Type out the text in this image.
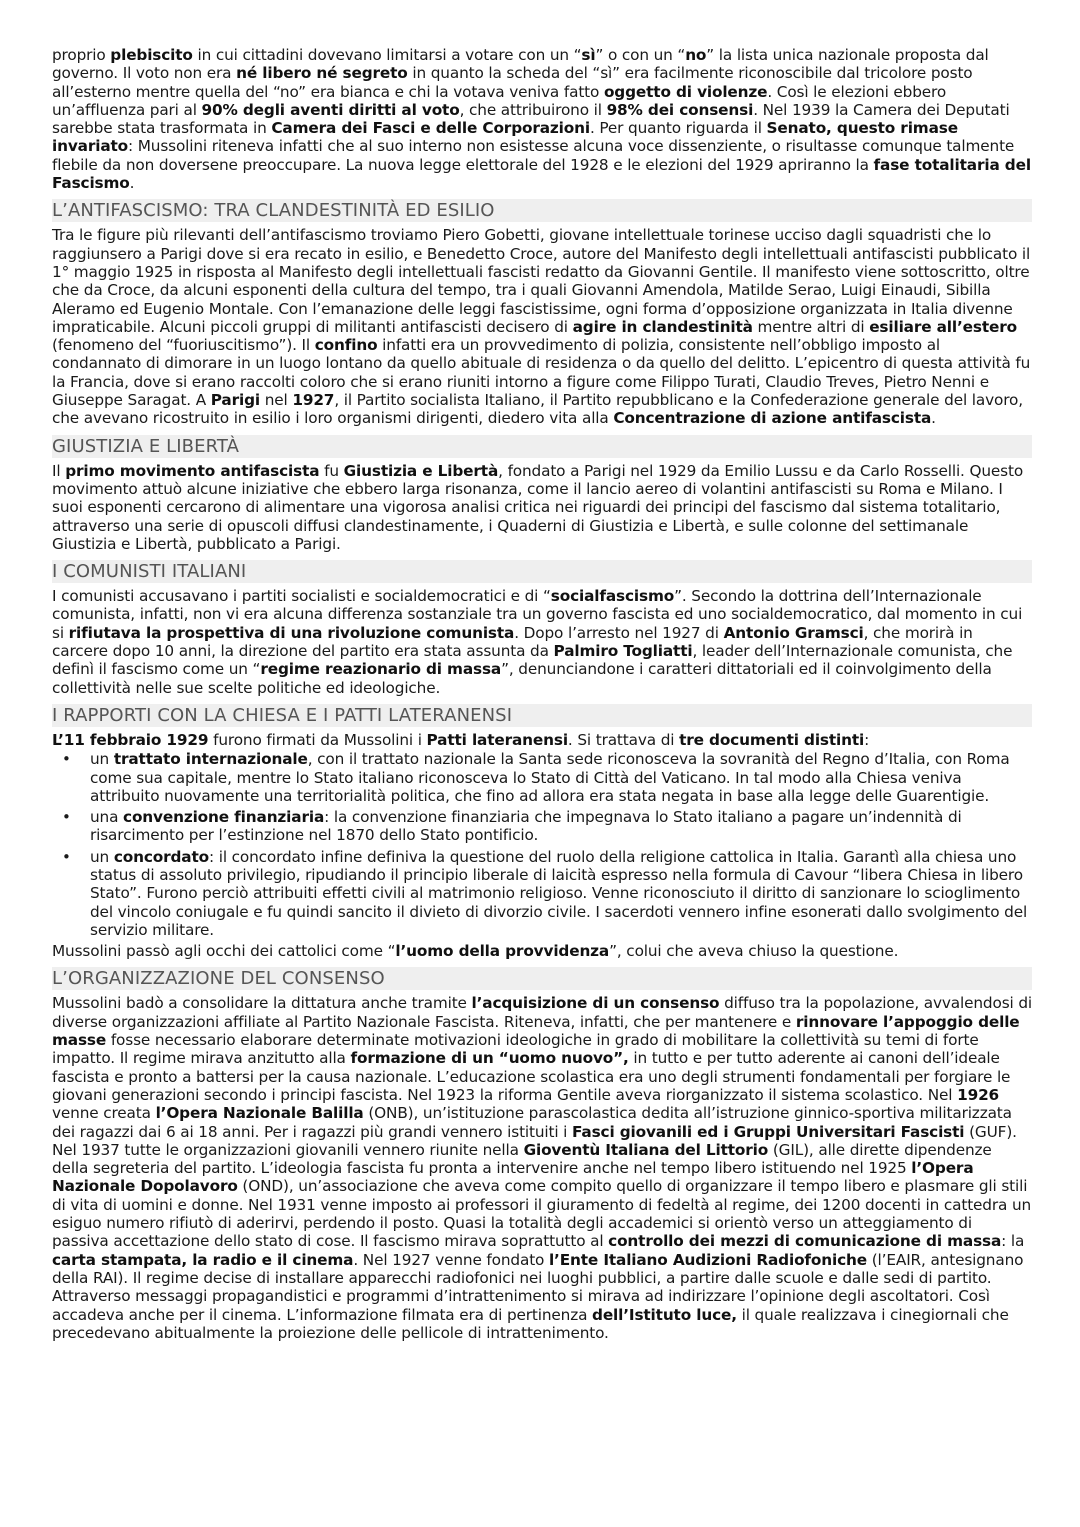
proprio plebiscito in cui cittadini dovevano limitarsi a votare con un “sì” o con un “no” la lista unica nazionale proposta dal governo. Il voto non era né libero né segreto in quanto la scheda del “sì” era facilmente riconoscibile dal tricolore posto all’esterno mentre quella del “no” era bianca e chi la votava veniva fatto oggetto di violenze. Così le elezioni ebbero un’affluenza pari al 90% degli aventi diritti al voto, che attribuirono il 98% dei consensi. Nel 1939 la Camera dei Deputati sarebbe stata trasformata in Camera dei Fasci e delle Corporazioni. Per quanto riguarda il Senato, questo rimase invariato: Mussolini riteneva infatti che al suo interno non esistesse alcuna voce dissenziente, o risultasse comunque talmente flebile da non doversene preoccupare. La nuova legge elettorale del 1928 e le elezioni del 1929 apriranno la fase totalitaria del Fascismo.

L’ANTIFASCISMO: TRA CLANDESTINITÀ ED ESILIO

Tra le figure più rilevanti dell’antifascismo troviamo Piero Gobetti, giovane intellettuale torinese ucciso dagli squadristi che lo raggiunsero a Parigi dove si era recato in esilio, e Benedetto Croce, autore del Manifesto degli intellettuali antifascisti pubblicato il 1° maggio 1925 in risposta al Manifesto degli intellettuali fascisti redatto da Giovanni Gentile. Il manifesto viene sottoscritto, oltre che da Croce, da alcuni esponenti della cultura del tempo, tra i quali Giovanni Amendola, Matilde Serao, Luigi Einaudi, Sibilla Aleramo ed Eugenio Montale. Con l’emanazione delle leggi fascistissime, ogni forma d’opposizione organizzata in Italia divenne impraticabile. Alcuni piccoli gruppi di militanti antifascisti decisero di agire in clandestinità mentre altri di esiliare all’estero (fenomeno del “fuoriuscitismo”). Il confino infatti era un provvedimento di polizia, consistente nell’obbligo imposto al condannato di dimorare in un luogo lontano da quello abituale di residenza o da quello del delitto. L’epicentro di questa attività fu la Francia, dove si erano raccolti coloro che si erano riuniti intorno a figure come Filippo Turati, Claudio Treves, Pietro Nenni e Giuseppe Saragat. A Parigi nel 1927, il Partito socialista Italiano, il Partito repubblicano e la Confederazione generale del lavoro, che avevano ricostruito in esilio i loro organismi dirigenti, diedero vita alla Concentrazione di azione antifascista.

GIUSTIZIA E LIBERTÀ

Il primo movimento antifascista fu Giustizia e Libertà, fondato a Parigi nel 1929 da Emilio Lussu e da Carlo Rosselli. Questo movimento attuò alcune iniziative che ebbero larga risonanza, come il lancio aereo di volantini antifascisti su Roma e Milano. I suoi esponenti cercarono di alimentare una vigorosa analisi critica nei riguardi dei principi del fascismo dal sistema totalitario, attraverso una serie di opuscoli diffusi clandestinamente, i Quaderni di Giustizia e Libertà, e sulle colonne del settimanale Giustizia e Libertà, pubblicato a Parigi.

I COMUNISTI ITALIANI

I comunisti accusavano i partiti socialisti e socialdemocratici e di “socialfascismo”. Secondo la dottrina dell’Internazionale comunista, infatti, non vi era alcuna differenza sostanziale tra un governo fascista ed uno socialdemocratico, dal momento in cui si rifiutava la prospettiva di una rivoluzione comunista. Dopo l’arresto nel 1927 di Antonio Gramsci, che morirà in carcere dopo 10 anni, la direzione del partito era stata assunta da Palmiro Togliatti, leader dell’Internazionale comunista, che definì il fascismo come un “regime reazionario di massa”, denunciandone i caratteri dittatoriali ed il coinvolgimento della collettività nelle sue scelte politiche ed ideologiche.

I RAPPORTI CON LA CHIESA E I PATTI LATERANENSI

L’11 febbraio 1929 furono firmati da Mussolini i Patti lateranensi. Si trattava di tre documenti distinti:

• un trattato internazionale, con il trattato nazionale la Santa sede riconosceva la sovranità del Regno d’Italia, con Roma come sua capitale, mentre lo Stato italiano riconosceva lo Stato di Città del Vaticano. In tal modo alla Chiesa veniva attribuito nuovamente una territorialità politica, che fino ad allora era stata negata in base alla legge delle Guarentigie.
• una convenzione finanziaria: la convenzione finanziaria che impegnava lo Stato italiano a pagare un’indennità di risarcimento per l’estinzione nel 1870 dello Stato pontificio.
• un concordato: il concordato infine definiva la questione del ruolo della religione cattolica in Italia. Garantì alla chiesa uno status di assoluto privilegio, ripudiando il principio liberale di laicità espresso nella formula di Cavour “libera Chiesa in libero Stato”. Furono perciò attribuiti effetti civili al matrimonio religioso. Venne riconosciuto il diritto di sanzionare lo scioglimento del vincolo coniugale e fu quindi sancito il divieto di divorzio civile. I sacerdoti vennero infine esonerati dallo svolgimento del servizio militare.

Mussolini passò agli occhi dei cattolici come “l’uomo della provvidenza”, colui che aveva chiuso la questione.

L’ORGANIZZAZIONE DEL CONSENSO

Mussolini badò a consolidare la dittatura anche tramite l’acquisizione di un consenso diffuso tra la popolazione, avvalendosi di diverse organizzazioni affiliate al Partito Nazionale Fascista. Riteneva, infatti, che per mantenere e rinnovare l’appoggio delle masse fosse necessario elaborare determinate motivazioni ideologiche in grado di mobilitare la collettività su temi di forte impatto. Il regime mirava anzitutto alla formazione di un “uomo nuovo”, in tutto e per tutto aderente ai canoni dell’ideale fascista e pronto a battersi per la causa nazionale. L’educazione scolastica era uno degli strumenti fondamentali per forgiare le giovani generazioni secondo i principi fascista. Nel 1923 la riforma Gentile aveva riorganizzato il sistema scolastico. Nel 1926 venne creata l’Opera Nazionale Balilla (ONB), un’istituzione parascolastica dedita all’istruzione ginnico-sportiva militarizzata dei ragazzi dai 6 ai 18 anni. Per i ragazzi più grandi vennero istituiti i Fasci giovanili ed i Gruppi Universitari Fascisti (GUF). Nel 1937 tutte le organizzazioni giovanili vennero riunite nella Gioventù Italiana del Littorio (GIL), alle dirette dipendenze della segreteria del partito. L’ideologia fascista fu pronta a intervenire anche nel tempo libero istituendo nel 1925 l’Opera Nazionale Dopolavoro (OND), un’associazione che aveva come compito quello di organizzare il tempo libero e plasmare gli stili di vita di uomini e donne. Nel 1931 venne imposto ai professori il giuramento di fedeltà al regime, dei 1200 docenti in cattedra un esiguo numero rifiutò di aderirvi, perdendo il posto. Quasi la totalità degli accademici si orientò verso un atteggiamento di passiva accettazione dello stato di cose. Il fascismo mirava soprattutto al controllo dei mezzi di comunicazione di massa: la carta stampata, la radio e il cinema. Nel 1927 venne fondato l’Ente Italiano Audizioni Radiofoniche (l’EAIR, antesignano della RAI). Il regime decise di installare apparecchi radiofonici nei luoghi pubblici, a partire dalle scuole e dalle sedi di partito. Attraverso messaggi propagandistici e programmi d’intrattenimento si mirava ad indirizzare l’opinione degli ascoltatori. Così accadeva anche per il cinema. L’informazione filmata era di pertinenza dell’Istituto luce, il quale realizzava i cinegiornali che precedevano abitualmente la proiezione delle pellicole di intrattenimento.
